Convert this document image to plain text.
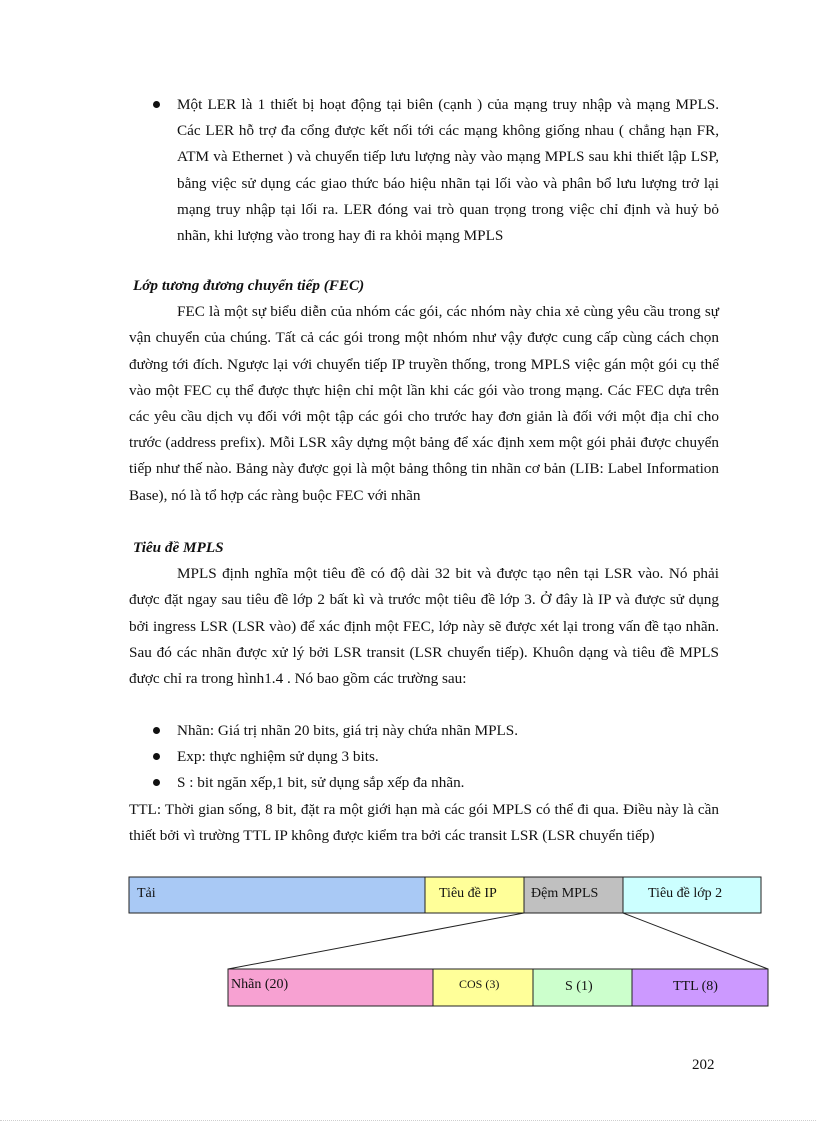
Một LER là 1 thiết bị hoạt động tại biên (cạnh ) của mạng truy nhập và mạng MPLS. Các LER hỗ trợ đa cổng được kết nối tới các mạng không giống nhau ( chẳng hạn FR, ATM và Ethernet ) và chuyển tiếp lưu lượng này vào mạng MPLS sau khi thiết lập LSP, bằng việc sử dụng các giao thức báo hiệu nhãn tại lối vào và phân bổ lưu lượng trở lại mạng truy nhập tại lối ra. LER đóng vai trò quan trọng trong việc chỉ định và huỷ bỏ nhãn, khi lượng vào trong hay đi ra khỏi mạng MPLS

Lớp tương đương chuyển tiếp (FEC)

FEC là một sự biểu diễn của nhóm các gói, các nhóm này chia xẻ cùng yêu cầu trong sự vận chuyển của chúng. Tất cả các gói trong một nhóm như vậy được cung cấp cùng cách chọn đường tới đích. Ngược lại với chuyển tiếp IP truyền thống, trong MPLS việc gán một gói cụ thể vào một FEC cụ thể được thực hiện chỉ một lần khi các gói vào trong mạng. Các FEC dựa trên các yêu cầu dịch vụ đối với một tập các gói cho trước hay đơn giản là đối với một địa chỉ cho trước (address prefix). Mỗi LSR xây dựng một bảng để xác định xem một gói phải được chuyển tiếp như thế nào. Bảng này được gọi là một bảng thông tin nhãn cơ bản (LIB: Label Information Base), nó là tổ hợp các ràng buộc FEC với nhãn

Tiêu đề MPLS

MPLS định nghĩa một tiêu đề có độ dài 32 bit và được tạo nên tại LSR vào. Nó phải được đặt ngay sau tiêu đề lớp 2 bất kì và trước một tiêu đề lớp 3. Ở đây là IP và được sử dụng bởi ingress LSR (LSR vào) để xác định một FEC, lớp này sẽ được xét lại trong vấn đề tạo nhãn. Sau đó các nhãn được xử lý bởi LSR transit (LSR chuyển tiếp). Khuôn dạng và tiêu đề MPLS được chỉ ra trong hình1.4 . Nó bao gồm các trường sau:

Nhãn: Giá trị nhãn 20 bits, giá trị này chứa nhãn MPLS.
Exp: thực nghiệm sử dụng 3 bits.
S : bit ngăn xếp,1 bit, sử dụng sắp xếp đa nhãn.

TTL: Thời gian sống, 8 bit, đặt ra một giới hạn mà các gói MPLS có thể đi qua. Điều này là cần thiết bởi vì trường TTL IP không được kiểm tra bởi các transit LSR (LSR chuyển tiếp)

Tải	Tiêu đề IP Đệm MPLS	Tiêu đề lớp 2
Nhãn (20)	COS (3)	S (1)	TTL (8)
202
